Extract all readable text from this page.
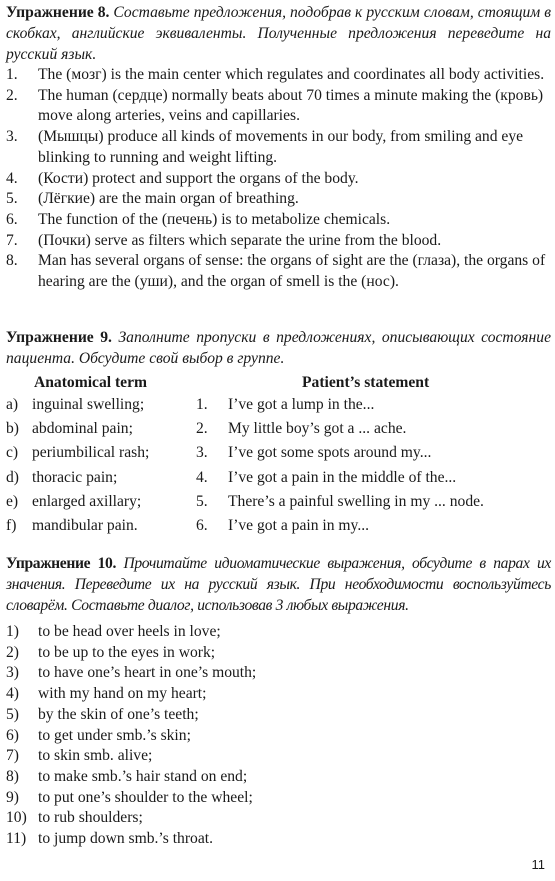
Упражнение 8. Составьте предложения, подобрав к русским словам, стоящим в скобках, английские эквиваленты. Полученные предложения переведите на русский язык.
1. The (мозг) is the main center which regulates and coordinates all body activities.
2. The human (сердце) normally beats about 70 times a minute making the (кровь) move along arteries, veins and capillaries.
3. (Мышцы) produce all kinds of movements in our body, from smiling and eye blinking to running and weight lifting.
4. (Кости) protect and support the organs of the body.
5. (Лёгкие) are the main organ of breathing.
6. The function of the (печень) is to metabolize chemicals.
7. (Почки) serve as filters which separate the urine from the blood.
8. Man has several organs of sense: the organs of sight are the (глаза), the organs of hearing are the (уши), and the organ of smell is the (нос).
Упражнение 9. Заполните пропуски в предложениях, описывающих состояние пациента. Обсудите свой выбор в группе.
Anatomical term	Patient’s statement
a) inguinal swelling;	1. I’ve got a lump in the...
b) abdominal pain;	2. My little boy’s got a ... ache.
c) periumbilical rash;	3. I’ve got some spots around my...
d) thoracic pain;	4. I’ve got a pain in the middle of the...
e) enlarged axillary;	5. There’s a painful swelling in my ... node.
f) mandibular pain.	6. I’ve got a pain in my...
Упражнение 10. Прочитайте идиоматические выражения, обсудите в парах их значения. Переведите их на русский язык. При необходимости воспользуйтесь словарём. Составьте диалог, использовав 3 любых выражения.
1) to be head over heels in love;
2) to be up to the eyes in work;
3) to have one’s heart in one’s mouth;
4) with my hand on my heart;
5) by the skin of one’s teeth;
6) to get under smb.’s skin;
7) to skin smb. alive;
8) to make smb.’s hair stand on end;
9) to put one’s shoulder to the wheel;
10) to rub shoulders;
11) to jump down smb.’s throat.
11
